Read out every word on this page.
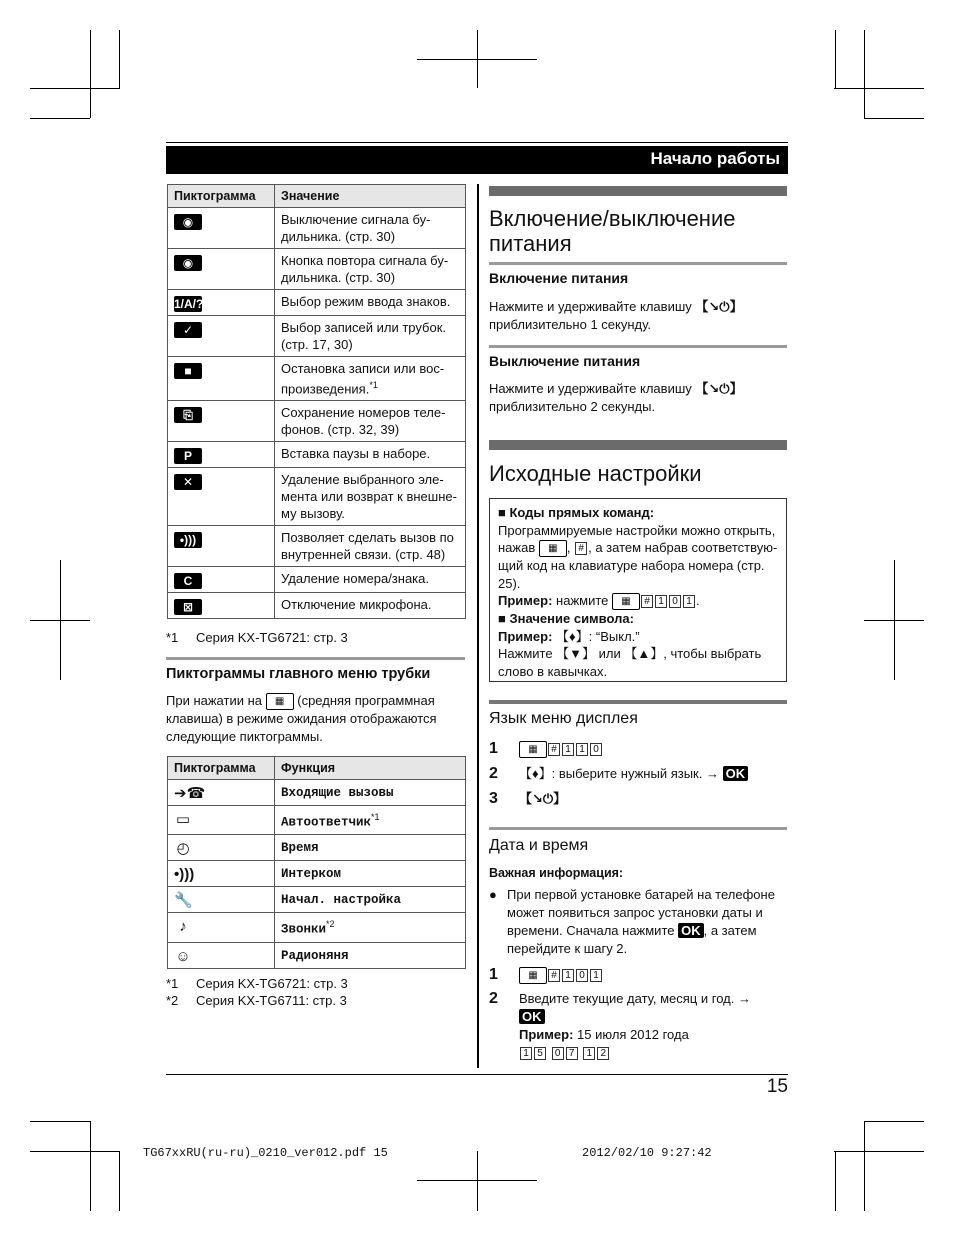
Начало работы
Пиктограмма	Значение
◉	Выключение сигнала бу-дильника. (стр. 30)
◉	Кнопка повтора сигнала бу-дильника. (стр. 30)
1/A/?	Выбор режим ввода знаков.
✓	Выбор записей или трубок. (стр. 17, 30)
■	Остановка записи или вос-произведения.$^{*1}$
⎘	Сохранение номеров теле-фонов. (стр. 32, 39)
P	Вставка паузы в наборе.
✕	Удаление выбранного эле-мента или возврат к внешне-му вызову.
•)))	Позволяет сделать вызов по внутренней связи. (стр. 48)
C	Удаление номера/знака.
⊠	Отключение микрофона.
*1 Серия KX-TG6721: стр. 3
Пиктограммы главного меню трубки
При нажатии на ▦ (средняя программная клавиша) в режиме ожидания отображаются следующие пиктограммы.
Пиктограмма	Функция
➔☎	Входящие вызовы
▭	Автоответчик$^{*1}$
◴	Время
•)))	Интерком
🔧	Начал. настройка
♪	Звонки$^{*2}$
☺	Радионяня
*1 Серия KX-TG6721: стр. 3
*2 Серия KX-TG6711: стр. 3
Включение/выключение питания
Включение питания
Нажмите и удерживайте клавишу 【↘⏻】
приблизительно 1 секунду.
Выключение питания
Нажмите и удерживайте клавишу 【↘⏻】
приблизительно 2 секунды.
Исходные настройки
■ Коды прямых команд:
Программируемые настройки можно открыть, нажав ▦ , # , а затем набрав соответствую-щий код на клавиатуре набора номера (стр. 25).
Пример: нажмите ▦ # 1 0 1 .
■ Значение символа:
Пример: 【♦】: “Выкл.”
Нажмите 【▼】 или 【▲】, чтобы выбрать слово в кавычках.
Язык меню дисплея
1	▦ # 1 1 0
2 【♦】: выберите нужный язык. → OK
3 【↘⏻】
Дата и время
Важная информация:
● При первой установке батарей на телефоне может появиться запрос установки даты и времени. Сначала нажмите OK , а затем перейдите к шагу 2.
1	▦ # 1 0 1
2 Введите текущие дату, месяц и год. →
OK
Пример: 15 июля 2012 года
1 5 0 7 1 2
15
TG67xxRU(ru-ru)_0210_ver012.pdf 15	2012/02/10 9:27:42
